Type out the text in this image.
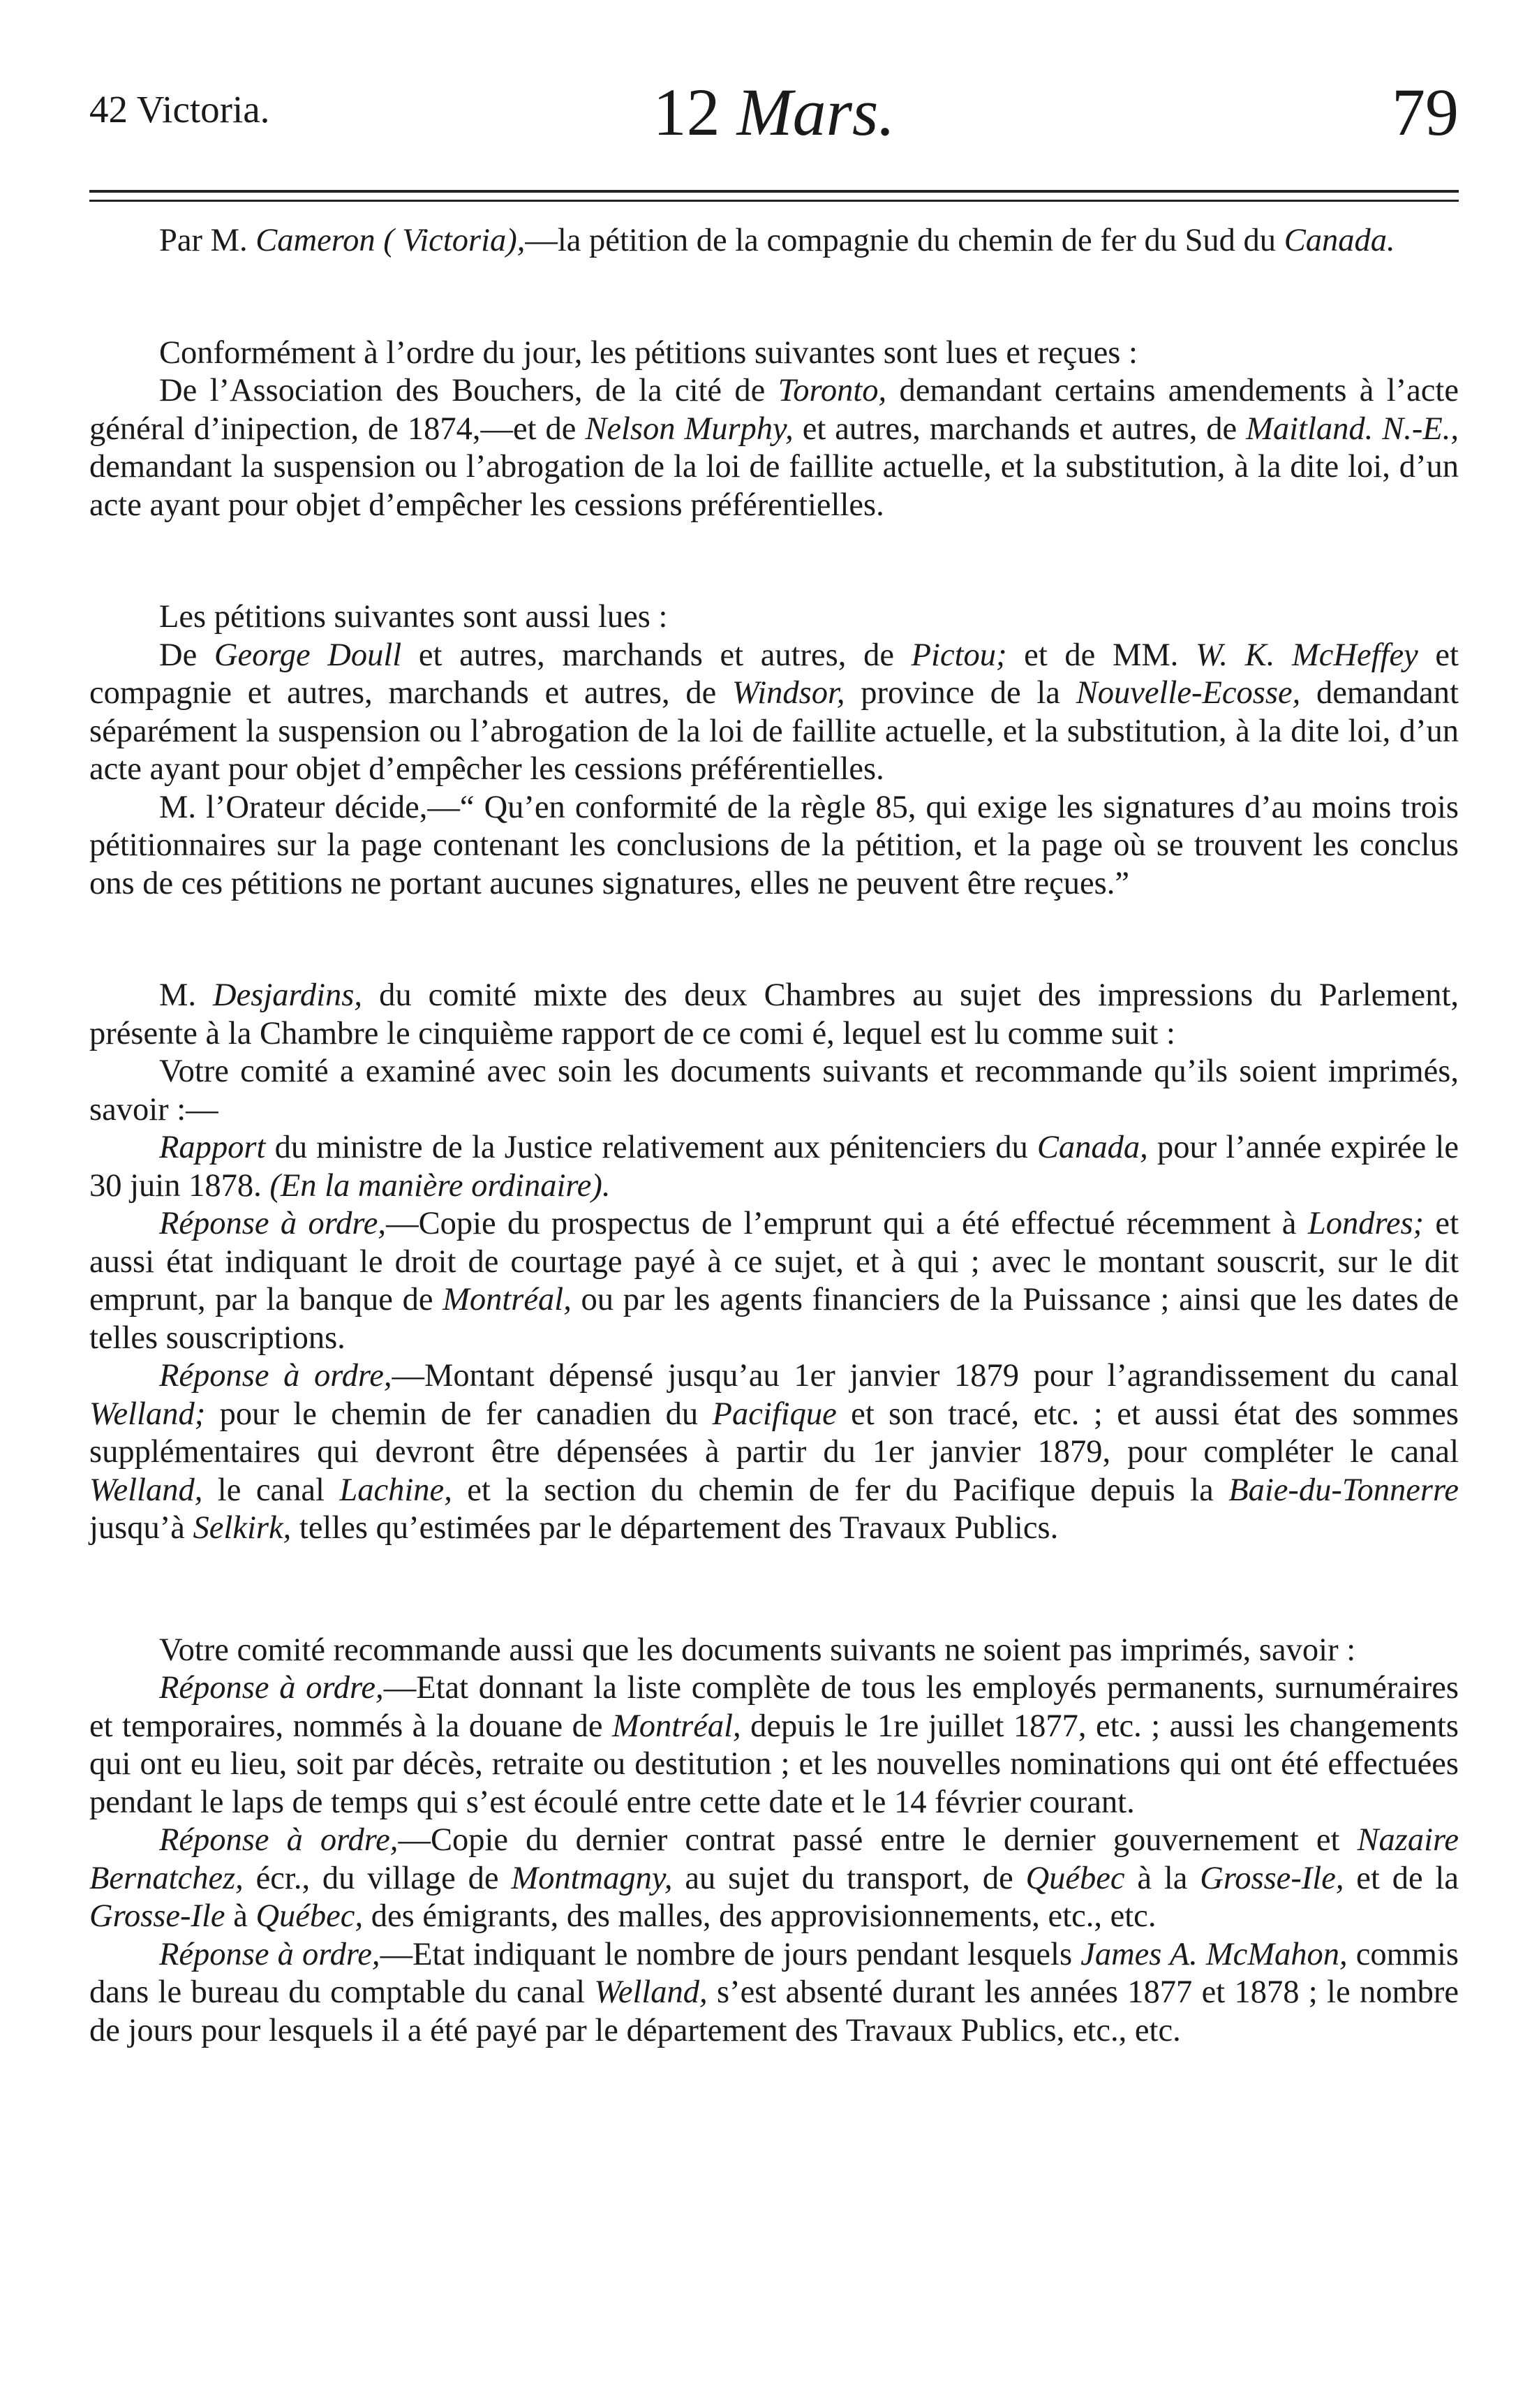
42 Victoria.	12 Mars.	79

Par M. Cameron ( Victoria),—la pétition de la compagnie du chemin de fer du Sud du Canada.

Conformément à l’ordre du jour, les pétitions suivantes sont lues et reçues :

De l’Association des Bouchers, de la cité de Toronto, demandant certains amendements à l’acte général d’inipection, de 1874,—et de Nelson Murphy, et autres, marchands et autres, de Maitland. N.-E., demandant la suspension ou l’abrogation de la loi de faillite actuelle, et la substitution, à la dite loi, d’un acte ayant pour objet d’empêcher les cessions préférentielles.

Les pétitions suivantes sont aussi lues :

De George Doull et autres, marchands et autres, de Pictou; et de MM. W. K. McHeffey et compagnie et autres, marchands et autres, de Windsor, province de la Nouvelle-Ecosse, demandant séparément la suspension ou l’abrogation de la loi de faillite actuelle, et la substitution, à la dite loi, d’un acte ayant pour objet d’empêcher les cessions préférentielles.

M. l’Orateur décide,—“ Qu’en conformité de la règle 85, qui exige les signatures d’au moins trois pétitionnaires sur la page contenant les conclusions de la pétition, et la page où se trouvent les conclus ons de ces pétitions ne portant aucunes signatures, elles ne peuvent être reçues.”

M. Desjardins, du comité mixte des deux Chambres au sujet des impressions du Parlement, présente à la Chambre le cinquième rapport de ce comi é, lequel est lu comme suit :

Votre comité a examiné avec soin les documents suivants et recommande qu’ils soient imprimés, savoir :—

Rapport du ministre de la Justice relativement aux pénitenciers du Canada, pour l’année expirée le 30 juin 1878. (En la manière ordinaire).

Réponse à ordre,—Copie du prospectus de l’emprunt qui a été effectué récemment à Londres; et aussi état indiquant le droit de courtage payé à ce sujet, et à qui ; avec le montant souscrit, sur le dit emprunt, par la banque de Montréal, ou par les agents financiers de la Puissance ; ainsi que les dates de telles souscriptions.

Réponse à ordre,—Montant dépensé jusqu’au 1er janvier 1879 pour l’agrandissement du canal Welland; pour le chemin de fer canadien du Pacifique et son tracé, etc. ; et aussi état des sommes supplémentaires qui devront être dépensées à partir du 1er janvier 1879, pour compléter le canal Welland, le canal Lachine, et la section du chemin de fer du Pacifique depuis la Baie-du-Tonnerre jusqu’à Selkirk, telles qu’estimées par le département des Travaux Publics.

Votre comité recommande aussi que les documents suivants ne soient pas imprimés, savoir :

Réponse à ordre,—Etat donnant la liste complète de tous les employés permanents, surnuméraires et temporaires, nommés à la douane de Montréal, depuis le 1re juillet 1877, etc. ; aussi les changements qui ont eu lieu, soit par décès, retraite ou destitution ; et les nouvelles nominations qui ont été effectuées pendant le laps de temps qui s’est écoulé entre cette date et le 14 février courant.

Réponse à ordre,—Copie du dernier contrat passé entre le dernier gouvernement et Nazaire Bernatchez, écr., du village de Montmagny, au sujet du transport, de Québec à la Grosse-Ile, et de la Grosse-Ile à Québec, des émigrants, des malles, des approvisionnements, etc., etc.

Réponse à ordre,—Etat indiquant le nombre de jours pendant lesquels James A. McMahon, commis dans le bureau du comptable du canal Welland, s’est absenté durant les années 1877 et 1878 ; le nombre de jours pour lesquels il a été payé par le département des Travaux Publics, etc., etc.
